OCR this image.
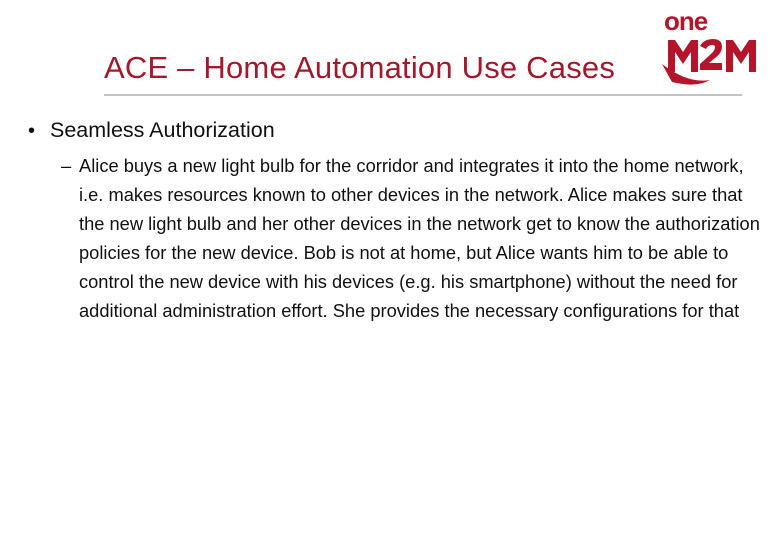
ACE – Home Automation Use Cases
one
• Seamless Authorization
– Alice buys a new light bulb for the corridor and integrates it into the home network, i.e. makes resources known to other devices in the network. Alice makes sure that the new light bulb and her other devices in the network get to know the authorization policies for the new device. Bob is not at home, but Alice wants him to be able to control the new device with his devices (e.g. his smartphone) without the need for additional administration effort. She provides the necessary configurations for that
